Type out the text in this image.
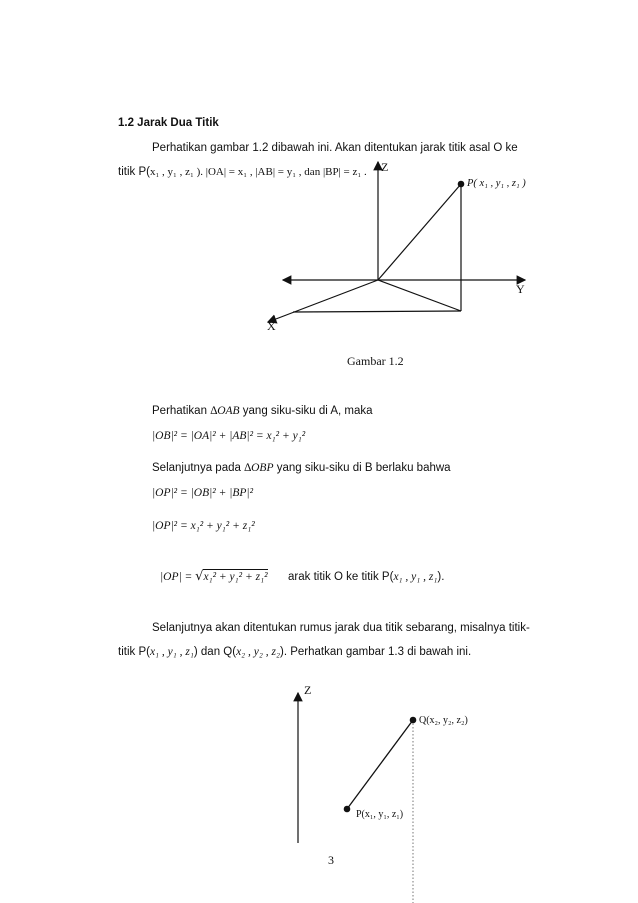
1.2 Jarak Dua Titik
Perhatikan gambar 1.2 dibawah ini. Akan ditentukan jarak titik asal O ke
titik P(x₁ , y₁ , z₁ ). |OA| = x₁ , |AB| = y₁ , dan |BP| = z₁ . Z
Y
X
P( x₁ , y₁ , z₁ )
Gambar 1.2
Perhatikan ∆OAB yang siku-siku di A, maka
|OB|² = |OA|² + |AB|² = x₁² + y₁²
Selanjutnya pada ∆OBP yang siku-siku di B berlaku bahwa
|OP|² = |OB|² + |BP|²
|OP|² = x₁² + y₁² + z₁²
|OP| = √x₁² + y₁² + z₁² arak titik O ke titik P(x₁ , y₁ , z₁).
Selanjutnya akan ditentukan rumus jarak dua titik sebarang, misalnya titik-
titik P(x₁ , y₁ , z₁) dan Q(x₂ , y₂ , z₂). Perhatkan gambar 1.3 di bawah ini.
Z
Q(x₂, y₂, z₂)
P(x₁, y₁, z₁)
3
